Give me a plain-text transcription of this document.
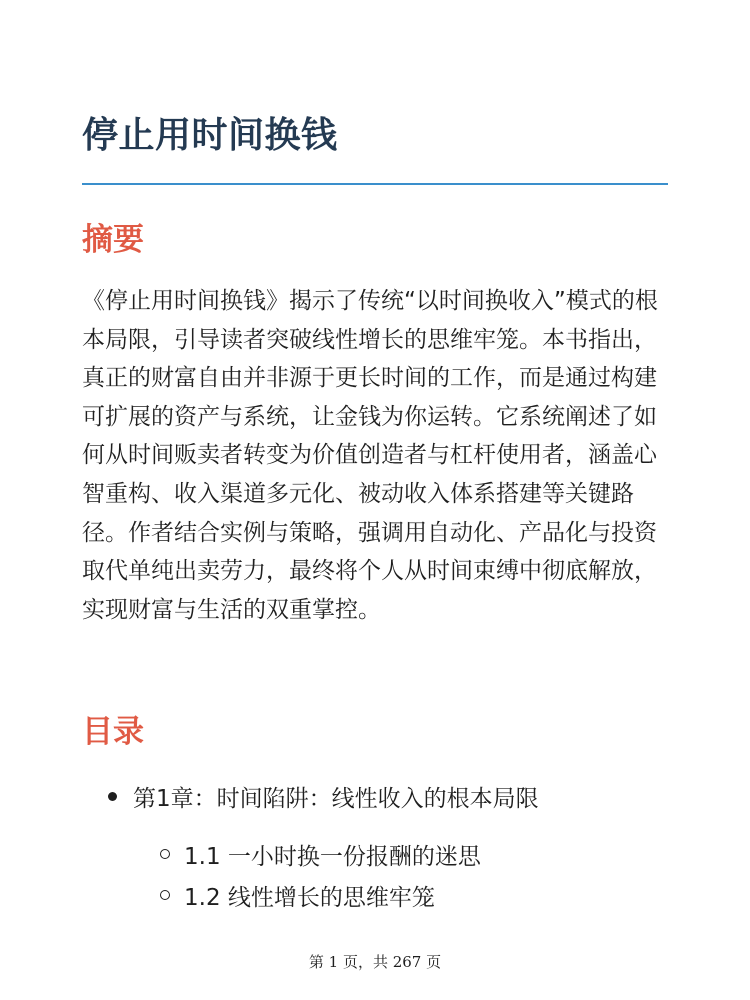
停止用时间换钱
摘要

《停止用时间换钱》揭示了传统“以时间换收入”模式的根本局限，引导读者突破线性增长的思维牢笼。本书指出，真正的财富自由并非源于更长时间的工作，而是通过构建可扩展的资产与系统，让金钱为你运转。它系统阐述了如何从时间贩卖者转变为价值创造者与杠杆使用者，涵盖心智重构、收入渠道多元化、被动收入体系搭建等关键路径。作者结合实例与策略，强调用自动化、产品化与投资取代单纯出卖劳力，最终将个人从时间束缚中彻底解放，实现财富与生活的双重掌控。

目录
第1章：时间陷阱：线性收入的根本局限
1.1 一小时换一份报酬的迷思
1.2 线性增长的思维牢笼
第 1 页，共 267 页
